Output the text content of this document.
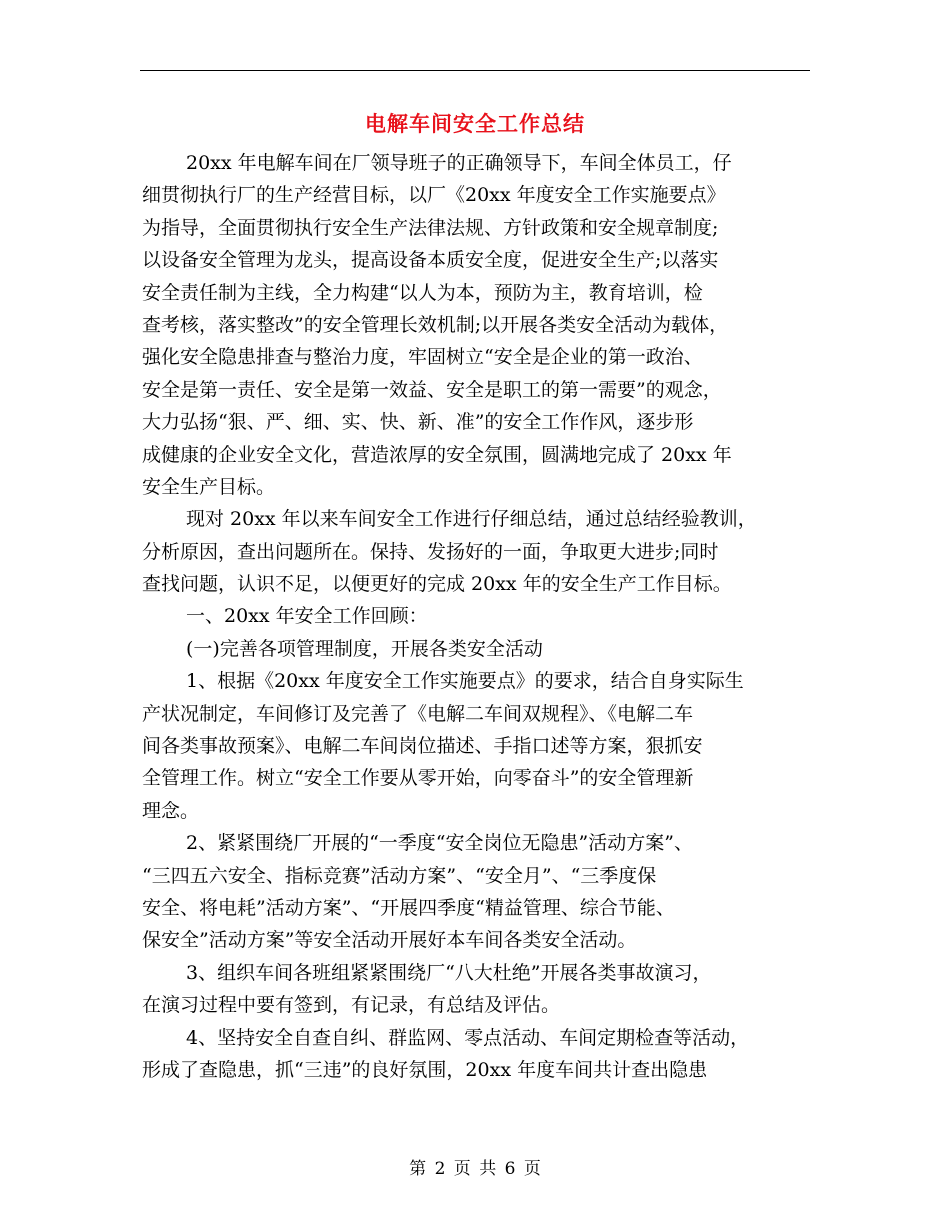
电解车间安全工作总结
20xx 年电解车间在厂领导班子的正确领导下，车间全体员工，仔
细贯彻执行厂的生产经营目标，以厂《20xx 年度安全工作实施要点》
为指导，全面贯彻执行安全生产法律法规、方针政策和安全规章制度;
以设备安全管理为龙头，提高设备本质安全度，促进安全生产;以落实
安全责任制为主线，全力构建“以人为本，预防为主，教育培训，检
查考核，落实整改”的安全管理长效机制;以开展各类安全活动为载体，
强化安全隐患排查与整治力度，牢固树立“安全是企业的第一政治、
安全是第一责任、安全是第一效益、安全是职工的第一需要”的观念，
大力弘扬“狠、严、细、实、快、新、准”的安全工作作风，逐步形
成健康的企业安全文化，营造浓厚的安全氛围，圆满地完成了 20xx 年
安全生产目标。
现对 20xx 年以来车间安全工作进行仔细总结，通过总结经验教训，
分析原因，查出问题所在。保持、发扬好的一面，争取更大进步;同时
查找问题，认识不足，以便更好的完成 20xx 年的安全生产工作目标。
一、20xx 年安全工作回顾：
(一)完善各项管理制度，开展各类安全活动
1、根据《20xx 年度安全工作实施要点》的要求，结合自身实际生
产状况制定，车间修订及完善了《电解二车间双规程》、《电解二车
间各类事故预案》、电解二车间岗位描述、手指口述等方案，狠抓安
全管理工作。树立“安全工作要从零开始，向零奋斗”的安全管理新
理念。
2、紧紧围绕厂开展的“一季度“安全岗位无隐患”活动方案”、
“三四五六安全、指标竞赛”活动方案”、“安全月”、“三季度保
安全、将电耗”活动方案”、“开展四季度“精益管理、综合节能、
保安全”活动方案”等安全活动开展好本车间各类安全活动。
3、组织车间各班组紧紧围绕厂“八大杜绝”开展各类事故演习，
在演习过程中要有签到，有记录，有总结及评估。
4、坚持安全自查自纠、群监网、零点活动、车间定期检查等活动，
形成了查隐患，抓“三违”的良好氛围，20xx 年度车间共计查出隐患
第 2 页 共 6 页
